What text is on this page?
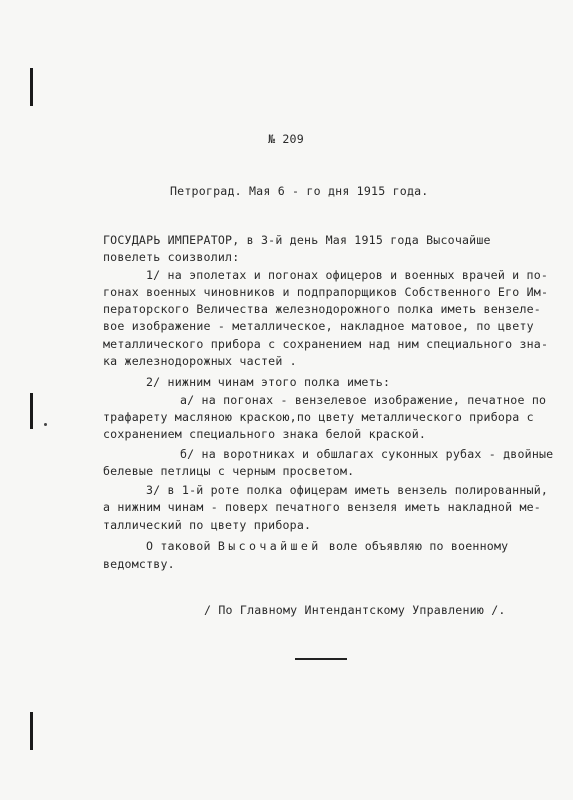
№ 209
Петроград. Мая 6 - го дня 1915 года.
ГОСУДАРЬ ИМПЕРАТОР, в 3-й день Мая 1915 года Высочайше
повелеть соизволил:
1/ на эполетах и погонах офицеров и военных врачей и по-
гонах военных чиновников и подпрапорщиков Собственного Его Им-
ператорского Величества железнодорожного полка иметь вензеле-
вое изображение - металлическое, накладное матовое, по цвету
металлического прибора с сохранением над ним специального зна-
ка железнодорожных частей .
2/ нижним чинам этого полка иметь:
а/ на погонах - вензелевое изображение, печатное по
трафарету масляною краскою,по цвету металлического прибора с
сохранением специального знака белой краской.
б/ на воротниках и обшлагах суконных рубах - двойные
белевые петлицы с черным просветом.
3/ в 1-й роте полка офицерам иметь вензель полированный,
а нижним чинам - поверх печатного вензеля иметь накладной ме-
таллический по цвету прибора.
О таковой Высочайшей воле объявляю по военному
ведомству.
/ По Главному Интендантскому Управлению /.
